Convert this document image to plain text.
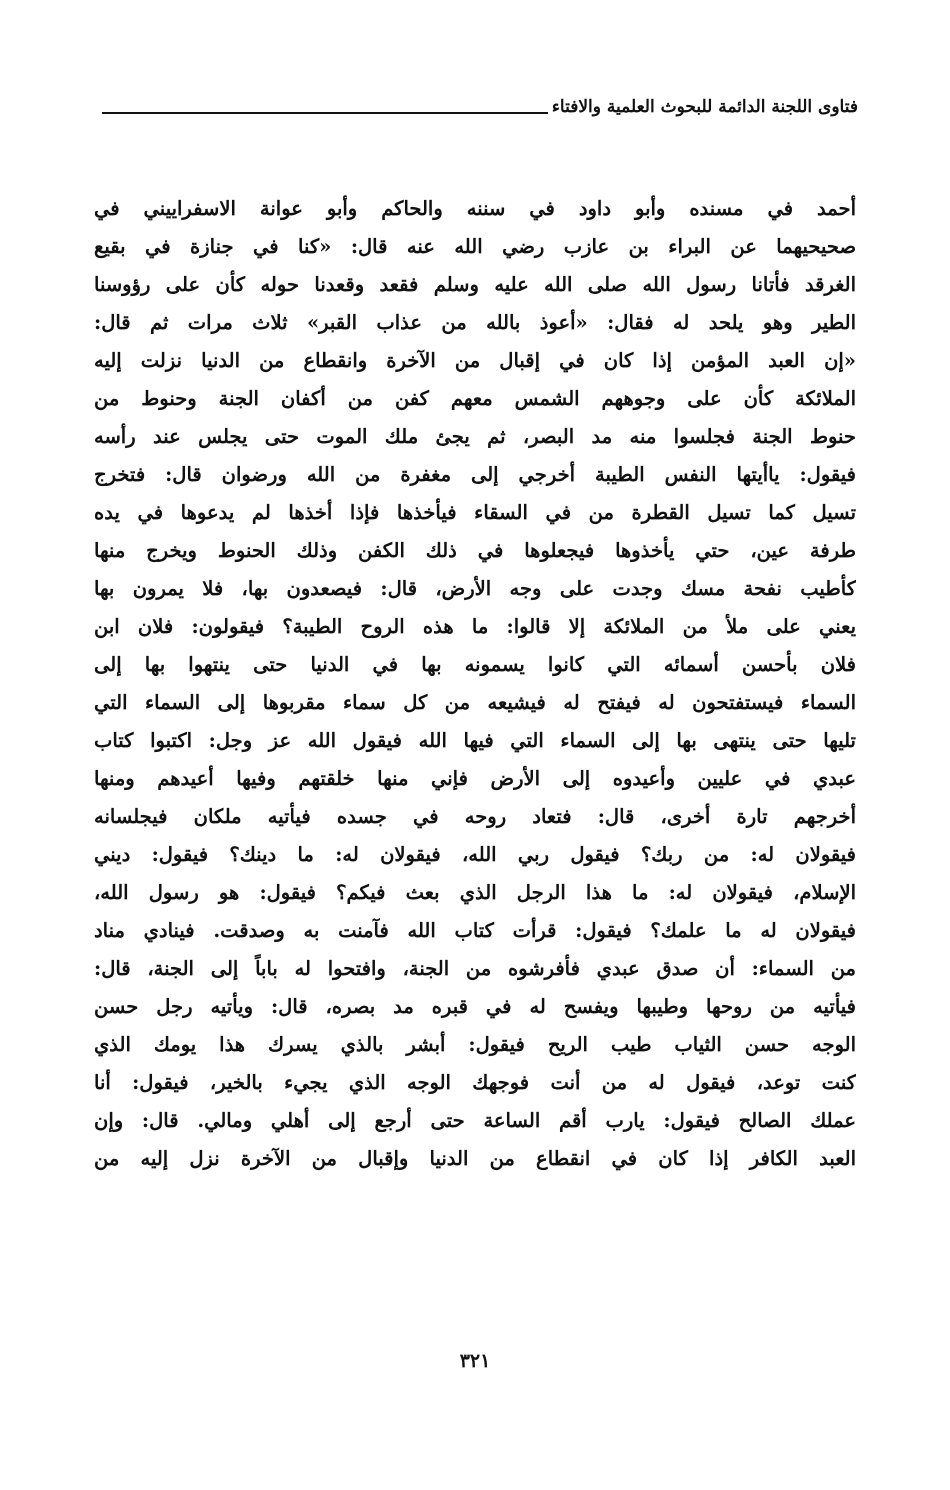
فتاوى اللجنة الدائمة للبحوث العلمية والافتاء
أحمد في مسنده وأبو داود في سننه والحاكم وأبو عوانة الاسفراييني في
صحيحيهما عن البراء بن عازب رضي الله عنه قال: «كنا في جنازة في بقيع
الغرقد فأتانا رسول الله صلى الله عليه وسلم فقعد وقعدنا حوله كأن على رؤوسنا
الطير وهو يلحد له فقال: «أعوذ بالله من عذاب القبر» ثلاث مرات ثم قال:
«إن العبد المؤمن إذا كان في إقبال من الآخرة وانقطاع من الدنيا نزلت إليه
الملائكة كأن على وجوههم الشمس معهم كفن من أكفان الجنة وحنوط من
حنوط الجنة فجلسوا منه مد البصر، ثم يجئ ملك الموت حتى يجلس عند رأسه
فيقول: ياأيتها النفس الطيبة أخرجي إلى مغفرة من الله ورضوان قال: فتخرج
تسيل كما تسيل القطرة من في السقاء فيأخذها فإذا أخذها لم يدعوها في يده
طرفة عين، حتي يأخذوها فيجعلوها في ذلك الكفن وذلك الحنوط ويخرج منها
كأطيب نفحة مسك وجدت على وجه الأرض، قال: فيصعدون بها، فلا يمرون بها
يعني على ملأ من الملائكة إلا قالوا: ما هذه الروح الطيبة؟ فيقولون: فلان ابن
فلان بأحسن أسمائه التي كانوا يسمونه بها في الدنيا حتى ينتهوا بها إلى
السماء فيستفتحون له فيفتح له فيشيعه من كل سماء مقربوها إلى السماء التي
تليها حتى ينتهى بها إلى السماء التي فيها الله فيقول الله عز وجل: اكتبوا كتاب
عبدي في عليين وأعيدوه إلى الأرض فإني منها خلقتهم وفيها أعيدهم ومنها
أخرجهم تارة أخرى، قال: فتعاد روحه في جسده فيأتيه ملكان فيجلسانه
فيقولان له: من ربك؟ فيقول ربي الله، فيقولان له: ما دينك؟ فيقول: ديني
الإسلام، فيقولان له: ما هذا الرجل الذي بعث فيكم؟ فيقول: هو رسول الله،
فيقولان له ما علمك؟ فيقول: قرأت كتاب الله فآمنت به وصدقت. فينادي مناد
من السماء: أن صدق عبدي فأفرشوه من الجنة، وافتحوا له باباً إلى الجنة، قال:
فيأتيه من روحها وطيبها ويفسح له في قبره مد بصره، قال: ويأتيه رجل حسن
الوجه حسن الثياب طيب الريح فيقول: أبشر بالذي يسرك هذا يومك الذي
كنت توعد، فيقول له من أنت فوجهك الوجه الذي يجيء بالخير، فيقول: أنا
عملك الصالح فيقول: يارب أقم الساعة حتى أرجع إلى أهلي ومالي. قال: وإن
العبد الكافر إذا كان في انقطاع من الدنيا وإقبال من الآخرة نزل إليه من
٣٢١
